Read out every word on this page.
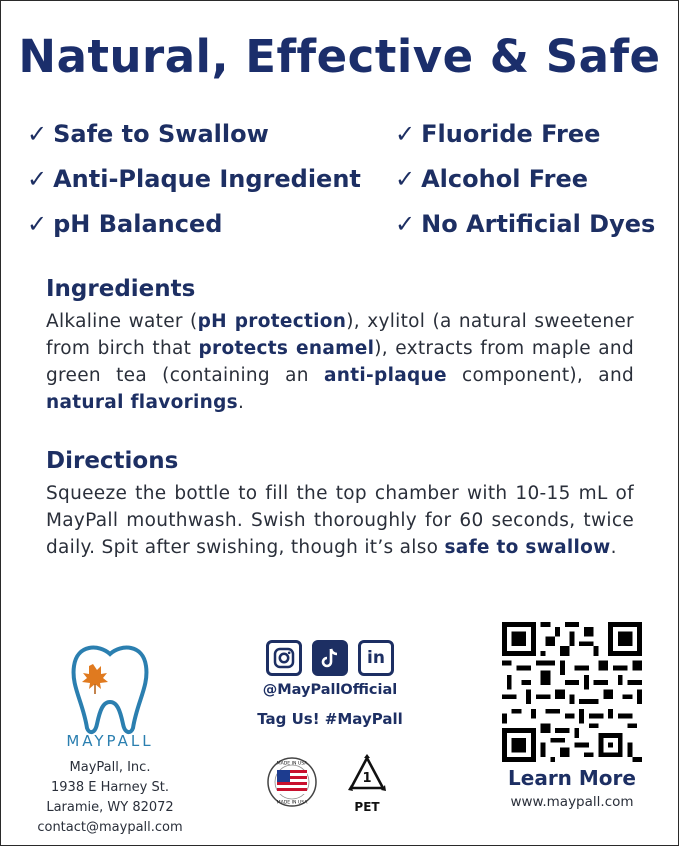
Natural, Effective & Safe
✓ Safe to Swallow
✓ Anti-Plaque Ingredient
✓ pH Balanced
✓ Fluoride Free
✓ Alcohol Free
✓ No Artificial Dyes
Ingredients
Alkaline water (pH protection), xylitol (a natural sweetener from birch that protects enamel), extracts from maple and green tea (containing an anti-plaque component), and natural flavorings.
Directions
Squeeze the bottle to fill the top chamber with 10-15 mL of MayPall mouthwash. Swish thoroughly for 60 seconds, twice daily. Spit after swishing, though it’s also safe to swallow.
MAYPALL
MayPall, Inc.
1938 E Harney St.
Laramie, WY 82072
contact@maypall.com
in
@MayPallOfficial
Tag Us! #MayPall
MADE IN USA
MADE IN USA
1
PET
Learn More
www.maypall.com
